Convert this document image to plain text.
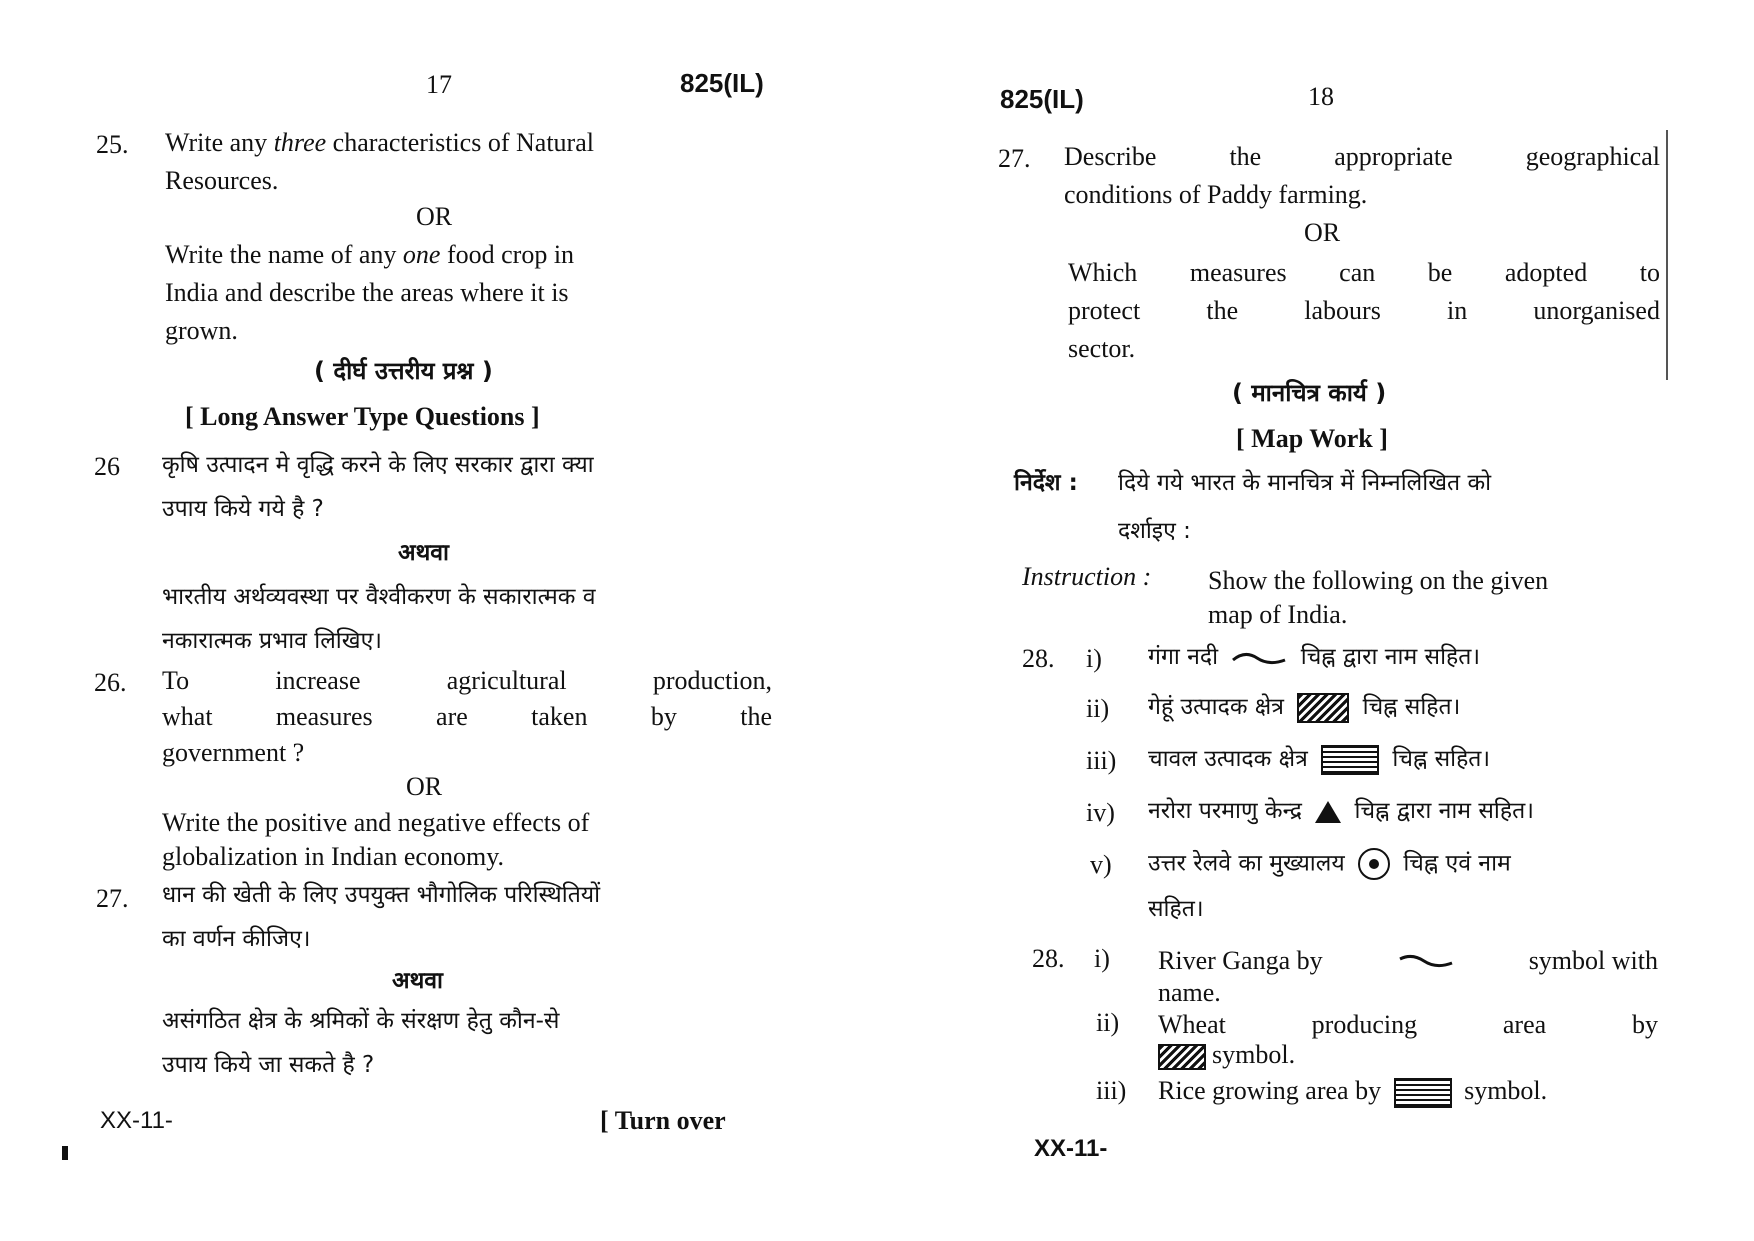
17	825(IL)
25. Write any three characteristics of Natural
Resources.
OR
Write the name of any one food crop in
India and describe the areas where it is
grown.
( दीर्घ उत्तरीय प्रश्न )
[ Long Answer Type Questions ]
26 कृषि उत्पादन मे वृद्धि करने के लिए सरकार द्वारा क्या
उपाय किये गये है ?
अथवा
भारतीय अर्थव्यवस्था पर वैश्वीकरण के सकारात्मक व
नकारात्मक प्रभाव लिखिए।
26. To	increase	agricultural	production,
what measures are taken by the
government ?
OR
Write the positive and negative effects of
globalization in Indian economy.
27. धान की खेती के लिए उपयुक्त भौगोलिक परिस्थितियों
का वर्णन कीजिए।
अथवा
असंगठित क्षेत्र के श्रमिकों के संरक्षण हेतु कौन-से
उपाय किये जा सकते है ?
XX-11-	[ Turn over
825(IL)	18
27. Describe	the	appropriate	geographical
conditions of Paddy farming.
OR
Which measures can be adopted to
protect	the	labours	in	unorganised
sector.
( मानचित्र कार्य )
[ Map Work ]
निर्देश : दिये गये भारत के मानचित्र में निम्नलिखित को
दर्शाइए :
Instruction : Show the following on the given
map of India.
28. i) गंगा नदी	चिह्न द्वारा नाम सहित।
ii) गेहूं उत्पादक क्षेत्र	चिह्न सहित।
iii) चावल उत्पादक क्षेत्र	चिह्न सहित।
iv) नरोरा परमाणु केन्द्र चिह्न द्वारा नाम सहित।
v) उत्तर रेलवे का मुख्यालय	चिह्न एवं नाम
सहित।
28. i) River Ganga by	symbol with
name.
ii) Wheat	producing	area	by
symbol.
iii) Rice growing area by	symbol.
XX-11-
